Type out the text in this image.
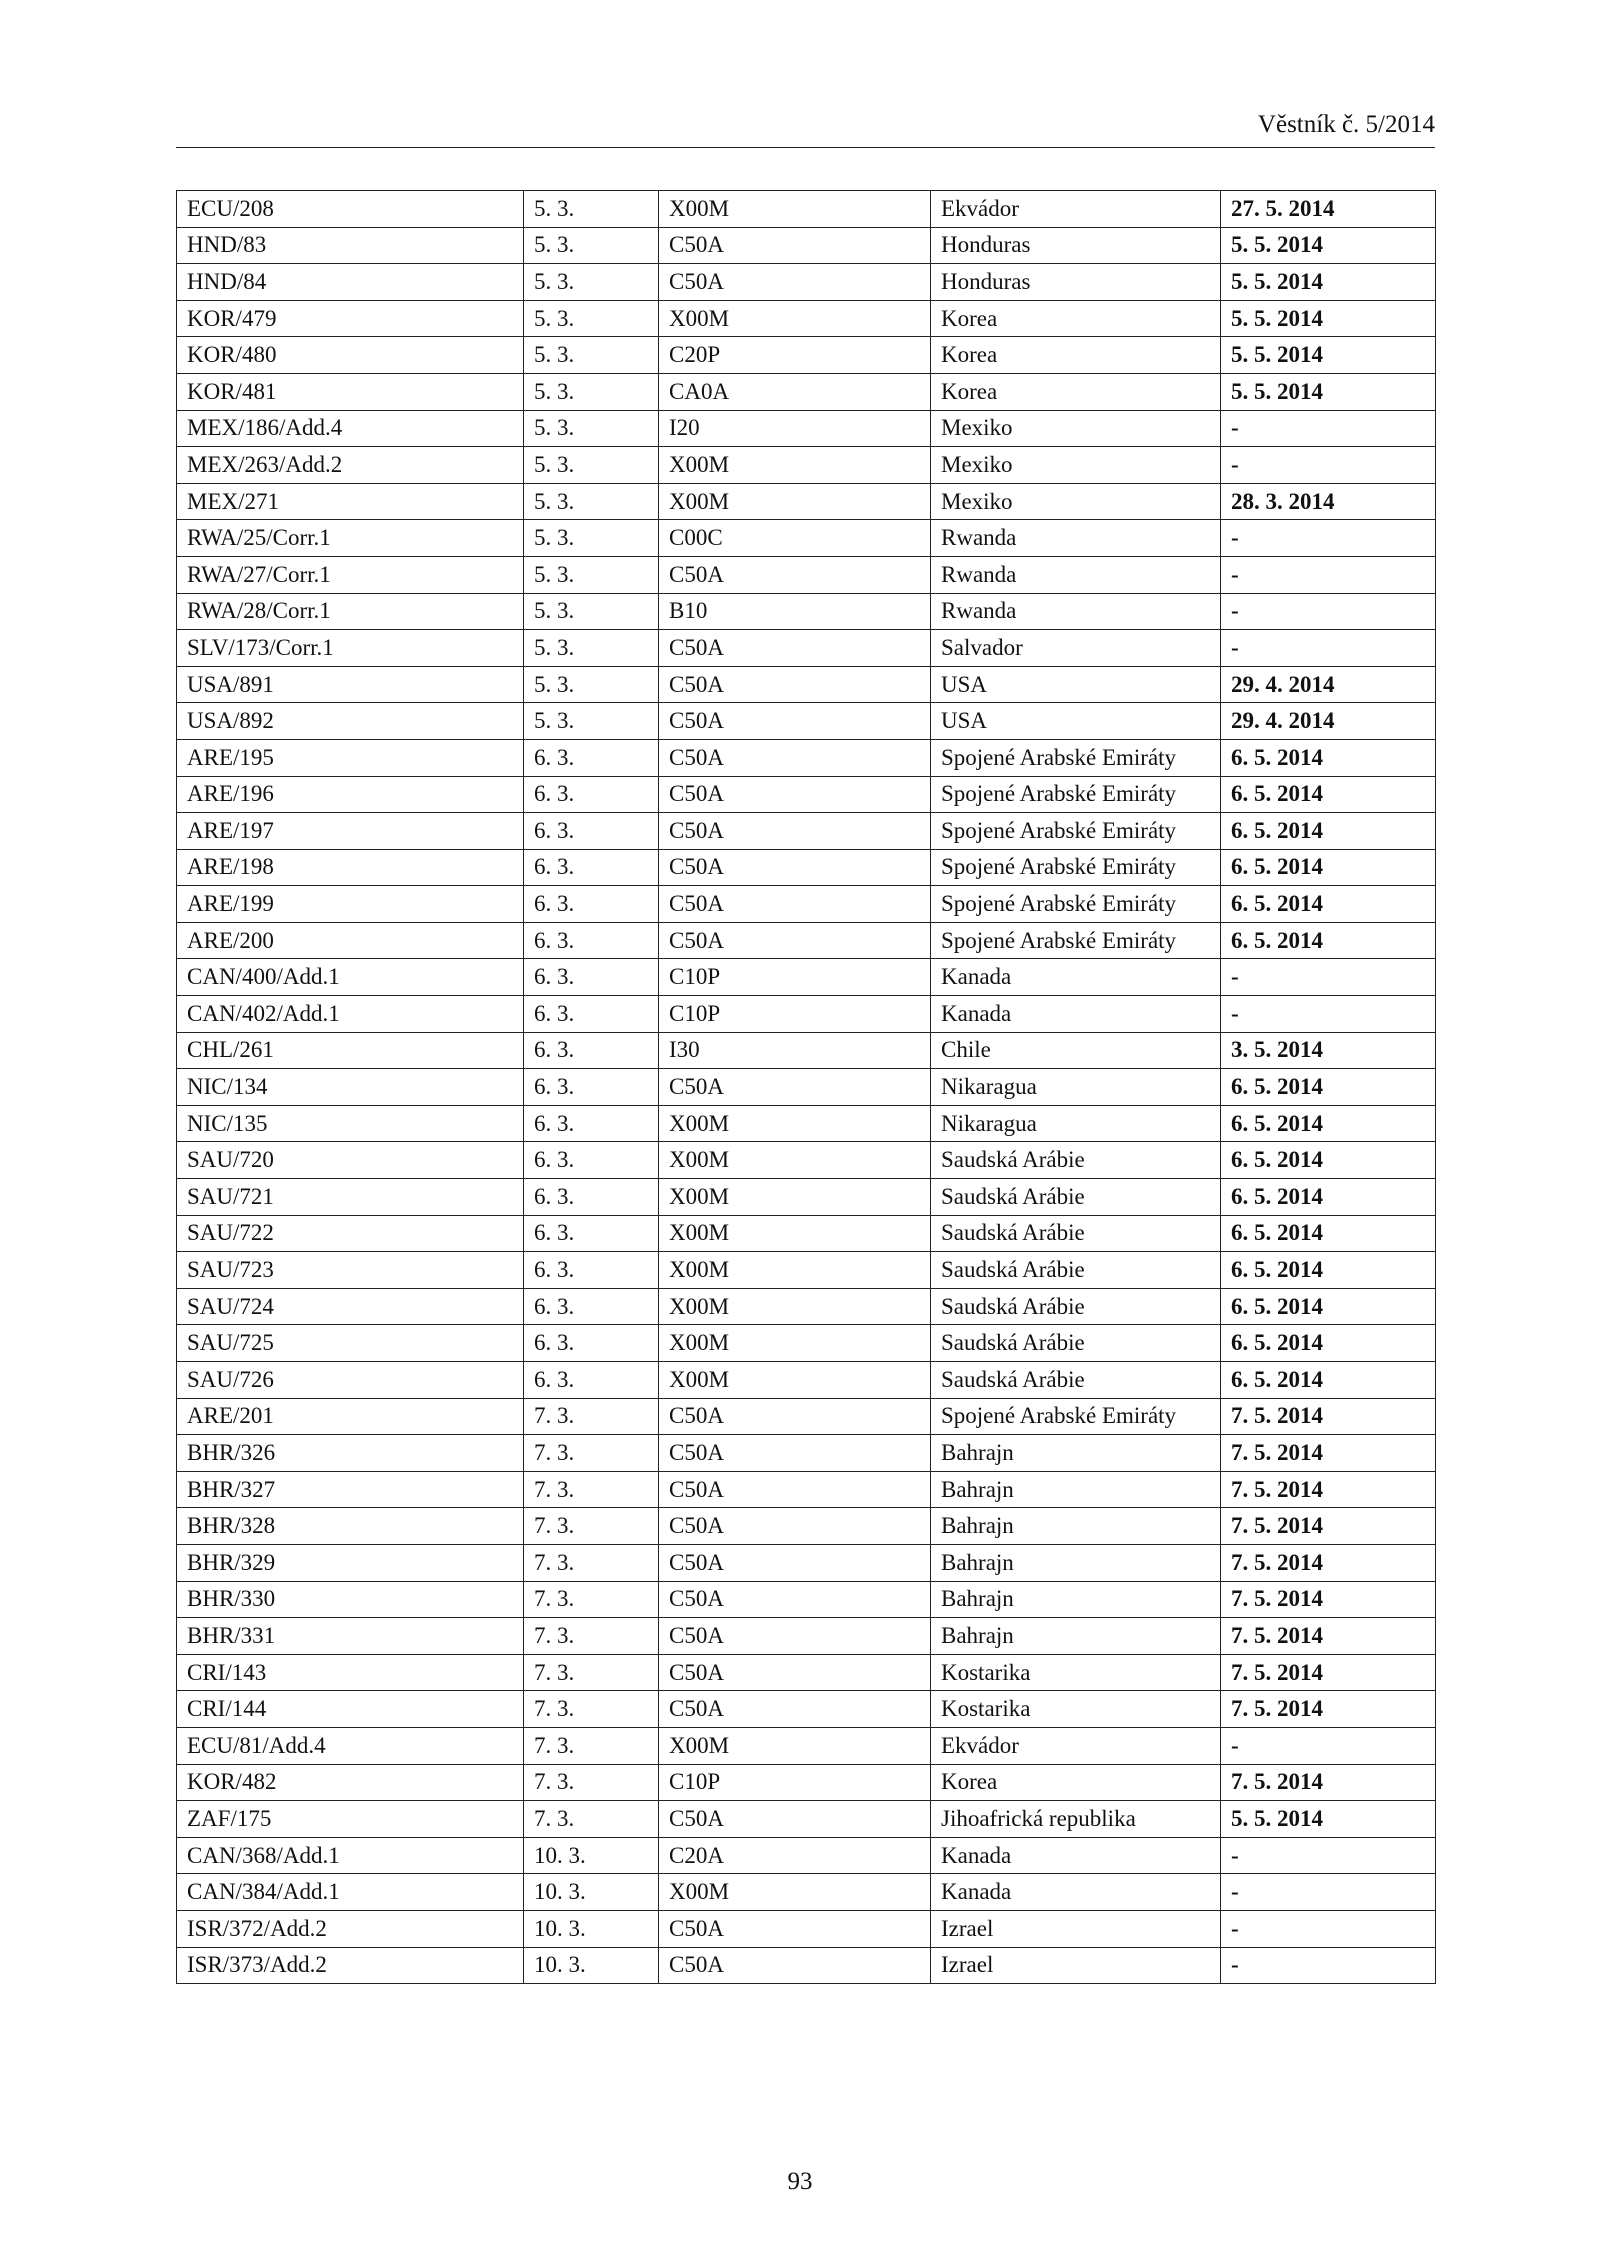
Věstník č. 5/2014
ECU/208	5. 3.	X00M	Ekvádor	27. 5. 2014
HND/83	5. 3.	C50A	Honduras	5. 5. 2014
HND/84	5. 3.	C50A	Honduras	5. 5. 2014
KOR/479	5. 3.	X00M	Korea	5. 5. 2014
KOR/480	5. 3.	C20P	Korea	5. 5. 2014
KOR/481	5. 3.	CA0A	Korea	5. 5. 2014
MEX/186/Add.4	5. 3.	I20	Mexiko	-
MEX/263/Add.2	5. 3.	X00M	Mexiko	-
MEX/271	5. 3.	X00M	Mexiko	28. 3. 2014
RWA/25/Corr.1	5. 3.	C00C	Rwanda	-
RWA/27/Corr.1	5. 3.	C50A	Rwanda	-
RWA/28/Corr.1	5. 3.	B10	Rwanda	-
SLV/173/Corr.1	5. 3.	C50A	Salvador	-
USA/891	5. 3.	C50A	USA	29. 4. 2014
USA/892	5. 3.	C50A	USA	29. 4. 2014
ARE/195	6. 3.	C50A	Spojené Arabské Emiráty	6. 5. 2014
ARE/196	6. 3.	C50A	Spojené Arabské Emiráty	6. 5. 2014
ARE/197	6. 3.	C50A	Spojené Arabské Emiráty	6. 5. 2014
ARE/198	6. 3.	C50A	Spojené Arabské Emiráty	6. 5. 2014
ARE/199	6. 3.	C50A	Spojené Arabské Emiráty	6. 5. 2014
ARE/200	6. 3.	C50A	Spojené Arabské Emiráty	6. 5. 2014
CAN/400/Add.1	6. 3.	C10P	Kanada	-
CAN/402/Add.1	6. 3.	C10P	Kanada	-
CHL/261	6. 3.	I30	Chile	3. 5. 2014
NIC/134	6. 3.	C50A	Nikaragua	6. 5. 2014
NIC/135	6. 3.	X00M	Nikaragua	6. 5. 2014
SAU/720	6. 3.	X00M	Saudská Arábie	6. 5. 2014
SAU/721	6. 3.	X00M	Saudská Arábie	6. 5. 2014
SAU/722	6. 3.	X00M	Saudská Arábie	6. 5. 2014
SAU/723	6. 3.	X00M	Saudská Arábie	6. 5. 2014
SAU/724	6. 3.	X00M	Saudská Arábie	6. 5. 2014
SAU/725	6. 3.	X00M	Saudská Arábie	6. 5. 2014
SAU/726	6. 3.	X00M	Saudská Arábie	6. 5. 2014
ARE/201	7. 3.	C50A	Spojené Arabské Emiráty	7. 5. 2014
BHR/326	7. 3.	C50A	Bahrajn	7. 5. 2014
BHR/327	7. 3.	C50A	Bahrajn	7. 5. 2014
BHR/328	7. 3.	C50A	Bahrajn	7. 5. 2014
BHR/329	7. 3.	C50A	Bahrajn	7. 5. 2014
BHR/330	7. 3.	C50A	Bahrajn	7. 5. 2014
BHR/331	7. 3.	C50A	Bahrajn	7. 5. 2014
CRI/143	7. 3.	C50A	Kostarika	7. 5. 2014
CRI/144	7. 3.	C50A	Kostarika	7. 5. 2014
ECU/81/Add.4	7. 3.	X00M	Ekvádor	-
KOR/482	7. 3.	C10P	Korea	7. 5. 2014
ZAF/175	7. 3.	C50A	Jihoafrická republika	5. 5. 2014
CAN/368/Add.1	10. 3.	C20A	Kanada	-
CAN/384/Add.1	10. 3.	X00M	Kanada	-
ISR/372/Add.2	10. 3.	C50A	Izrael	-
ISR/373/Add.2	10. 3.	C50A	Izrael	-
93
